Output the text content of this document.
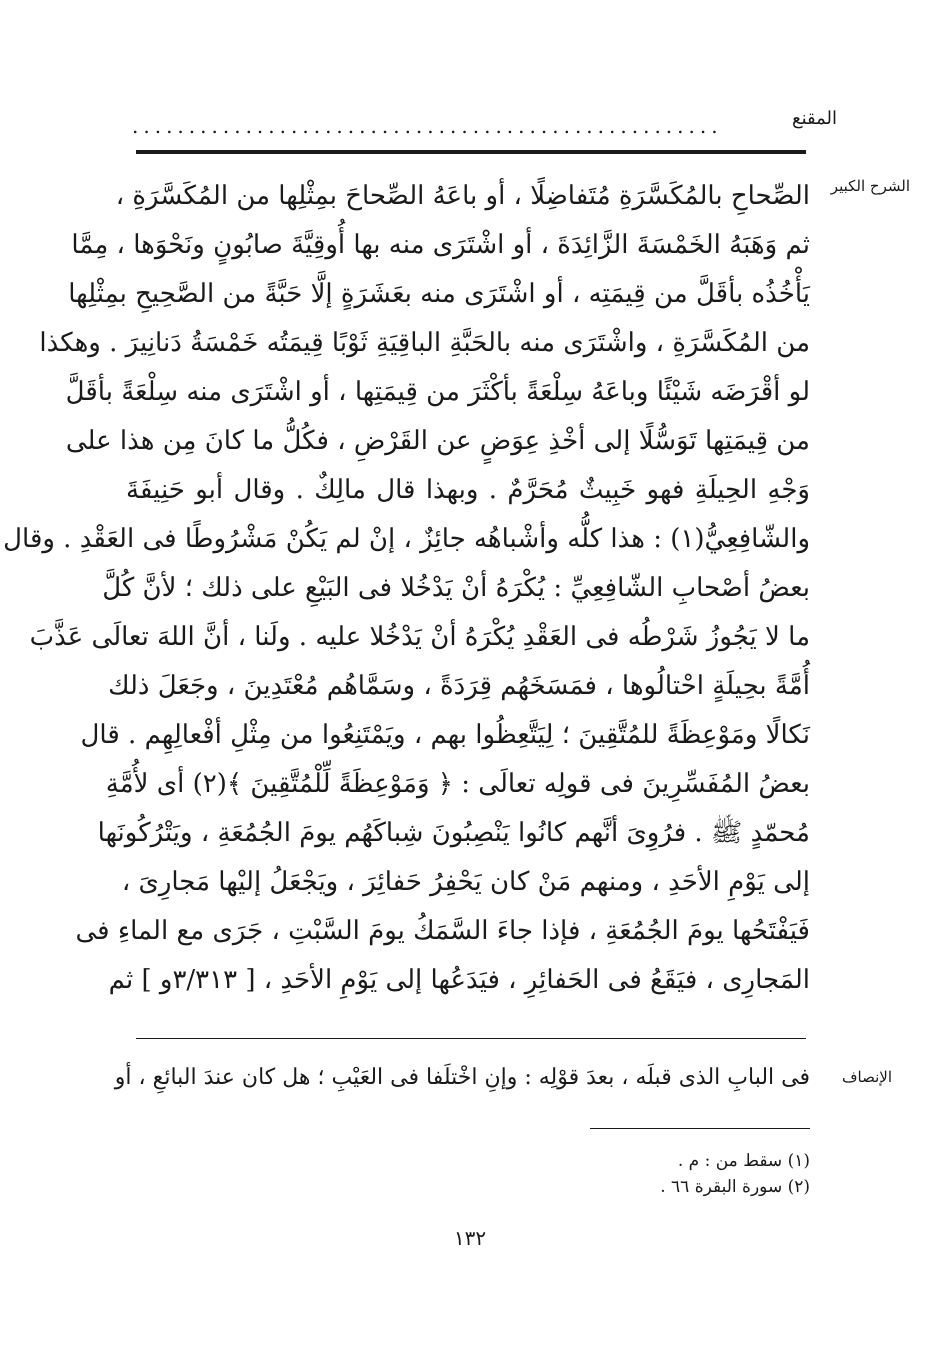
المقنع
....................................................
الشرح الكبير
الصِّحاحِ بالمُكَسَّرَةِ مُتَفاضِلًا ، أو باعَهُ الصِّحاحَ بمِثْلِها من المُكَسَّرَةِ ،
ثم وَهَبَهُ الخَمْسَةَ الزَّائِدَةَ ، أو اشْتَرَى منه بها أُوقِيَّةَ صابُونٍ ونَحْوَها ، مِمَّا
يَأْخُذُه بأقَلَّ من قِيمَتِه ، أو اشْتَرَى منه بعَشَرَةٍ إلَّا حَبَّةً من الصَّحِيحِ بمِثْلِها
من المُكَسَّرَةِ ، واشْتَرَى منه بالحَبَّةِ الباقِيَةِ ثَوْبًا قِيمَتُه خَمْسَةُ دَنانِيرَ . وهكذا
لو أقْرَضَه شَيْئًا وباعَهُ سِلْعَةً بأكْثَرَ من قِيمَتِها ، أو اشْتَرَى منه سِلْعَةً بأقَلَّ
من قِيمَتِها تَوَسُّلًا إلى أخْذِ عِوَضٍ عن القَرْضِ ، فكُلُّ ما كانَ مِن هذا على
وَجْهِ الحِيلَةِ فهو خَبِيثٌ مُحَرَّمٌ . وبهذا قال مالِكٌ . وقال أبو حَنِيفَةَ
والشّافِعِيُّ(١) : هذا كلُّه وأشْباهُه جائِزٌ ، إنْ لم يَكُنْ مَشْرُوطًا فى العَقْدِ . وقال
بعضُ أصْحابِ الشّافِعِيِّ : يُكْرَهُ أنْ يَدْخُلا فى البَيْعِ على ذلك ؛ لأنَّ كُلَّ
ما لا يَجُوزُ شَرْطُه فى العَقْدِ يُكْرَهُ أنْ يَدْخُلا عليه . ولَنا ، أنَّ اللهَ تعالَى عَذَّبَ
أُمَّةً بحِيلَةٍ احْتالُوها ، فمَسَخَهُم قِرَدَةً ، وسَمَّاهُم مُعْتَدِينَ ، وجَعَلَ ذلك
نَكالًا ومَوْعِظَةً للمُتَّقِينَ ؛ لِيَتَّعِظُوا بهم ، ويَمْتَنِعُوا من مِثْلِ أفْعالِهِم . قال
بعضُ المُفَسِّرِينَ فى قولِه تعالَى : ﴿ وَمَوْعِظَةً لِّلْمُتَّقِينَ ﴾(٢) أى لأُمَّةِ
مُحمّدٍ ﷺ . فرُوِىَ أنَّهم كانُوا يَنْصِبُونَ شِباكَهُم يومَ الجُمُعَةِ ، ويَتْرُكُونَها
إلى يَوْمِ الأحَدِ ، ومنهم مَنْ كان يَحْفِرُ حَفائِرَ ، ويَجْعَلُ إليْها مَجارِىَ ،
فَيَفْتَحُها يومَ الجُمُعَةِ ، فإذا جاءَ السَّمَكُ يومَ السَّبْتِ ، جَرَى مع الماءِ فى
المَجارِى ، فيَقَعُ فى الحَفائِرِ ، فيَدَعُها إلى يَوْمِ الأحَدِ ، [ ٣/٣١٣و ] ثم
الإنصاف
فى البابِ الذى قبلَه ، بعدَ قوْلِه : وإنِ اخْتلَفا فى العَيْبِ ؛ هل كان عندَ البائعِ ، أو
(١) سقط من : م .
(٢) سورة البقرة ٦٦ .
١٣٢
